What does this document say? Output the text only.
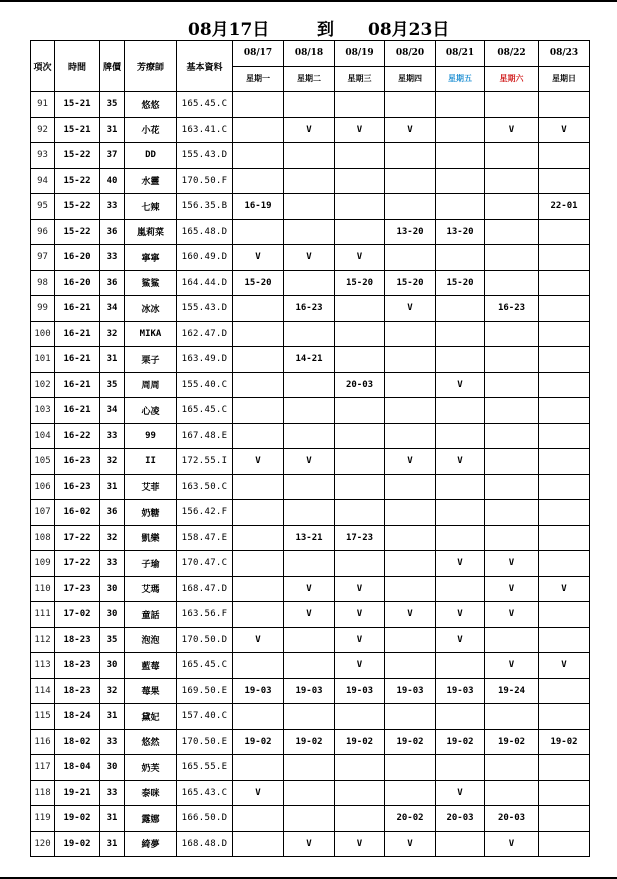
08月17日	到 08月23日
項次	時間	牌價	芳療師	基本資料	08/17	08/18	08/19	08/20	08/21	08/22	08/23
					星期一	星期二	星期三	星期四	星期五	星期六	星期日
91	15-21	35	悠悠	165.45.C							
92	15-21	31	小花	163.41.C		V	V	V		V	V
93	15-22	37	DD	155.43.D							
94	15-22	40	水靈	170.50.F							
95	15-22	33	七辣	156.35.B	16-19						22-01
96	15-22	36	嵐莉菜	165.48.D				13-20	13-20		
97	16-20	33	寧寧	160.49.D	V	V	V				
98	16-20	36	鯊鯊	164.44.D	15-20		15-20	15-20	15-20		
99	16-21	34	冰冰	155.43.D		16-23		V		16-23	
100	16-21	32	MIKA	162.47.D							
101	16-21	31	栗子	163.49.D		14-21					
102	16-21	35	周周	155.40.C			20-03		V		
103	16-21	34	心凌	165.45.C							
104	16-22	33	99	167.48.E							
105	16-23	32	II	172.55.I	V	V		V	V		
106	16-23	31	艾菲	163.50.C							
107	16-02	36	奶糖	156.42.F							
108	17-22	32	凱樂	158.47.E		13-21	17-23				
109	17-22	33	子瑜	170.47.C					V	V	
110	17-23	30	艾瑪	168.47.D		V	V			V	V
111	17-02	30	童話	163.56.F		V	V	V	V	V	
112	18-23	35	泡泡	170.50.D	V		V		V		
113	18-23	30	藍莓	165.45.C			V			V	V
114	18-23	32	莓果	169.50.E	19-03	19-03	19-03	19-03	19-03	19-24	
115	18-24	31	黛妃	157.40.C							
116	18-02	33	悠然	170.50.E	19-02	19-02	19-02	19-02	19-02	19-02	19-02
117	18-04	30	奶芙	165.55.E							
118	19-21	33	泰咪	165.43.C	V				V		
119	19-02	31	露娜	166.50.D				20-02	20-03	20-03	
120	19-02	31	綺夢	168.48.D		V	V	V		V	
